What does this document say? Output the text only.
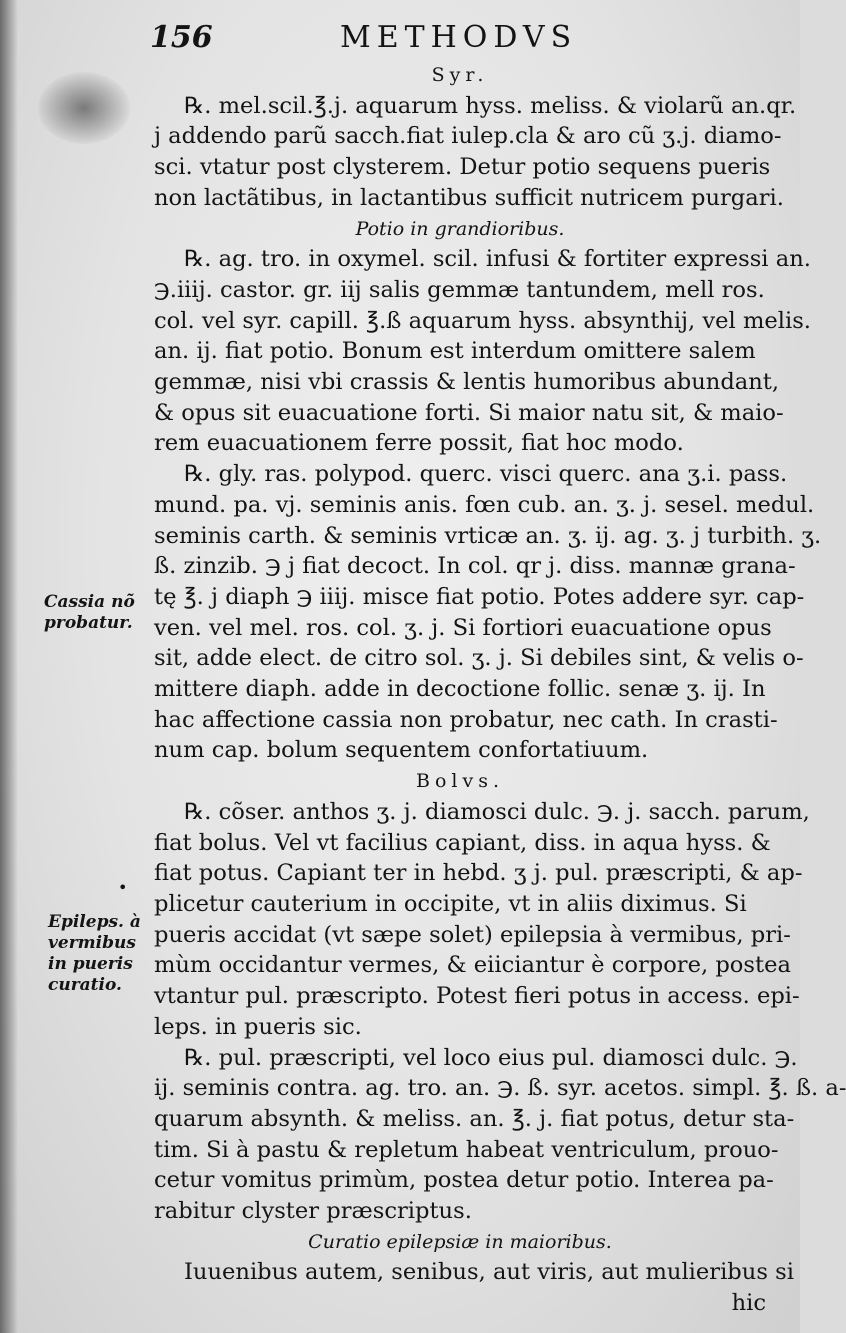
156	METHODVS
Syr.
℞. mel.scil.℥.j. aquarum hyss. meliss. & violarũ an.qr.
j addendo parũ sacch.fiat iulep.cla & aro cũ ʒ.j. diamo-
sci. vtatur post clysterem. Detur potio sequens pueris
non lactãtibus, in lactantibus sufficit nutricem purgari.
Potio in grandioribus.
℞. ag. tro. in oxymel. scil. infusi & fortiter expressi an.
℈.iiij. castor. gr. iij salis gemmæ tantundem, mell ros.
col. vel syr. capill. ℥.ß aquarum hyss. absynthij, vel melis.
an. ij. fiat potio. Bonum est interdum omittere salem
gemmæ, nisi vbi crassis & lentis humoribus abundant,
& opus sit euacuatione forti. Si maior natu sit, & maio-
rem euacuationem ferre possit, fiat hoc modo.
℞. gly. ras. polypod. querc. visci querc. ana ʒ.i. pass.
mund. pa. vj. seminis anis. fœn cub. an. ʒ. j. sesel. medul.
seminis carth. & seminis vrticæ an. ʒ. ij. ag. ʒ. j turbith. ʒ.
ß. zinzib. ℈ j fiat decoct. In col. qr j. diss. mannæ grana-
tę ℥. j diaph ℈ iiij. misce fiat potio. Potes addere syr. cap-
ven. vel mel. ros. col. ʒ. j. Si fortiori euacuatione opus
sit, adde elect. de citro sol. ʒ. j. Si debiles sint, & velis o-
mittere diaph. adde in decoctione follic. senæ ʒ. ij. In
hac affectione cassia non probatur, nec cath. In crasti-
num cap. bolum sequentem confortatiuum.
Bolvs.
℞. cõser. anthos ʒ. j. diamosci dulc. ℈. j. sacch. parum,
fiat bolus. Vel vt facilius capiant, diss. in aqua hyss. &
fiat potus. Capiant ter in hebd. ʒ j. pul. præscripti, & ap-
plicetur cauterium in occipite, vt in aliis diximus. Si
pueris accidat (vt sæpe solet) epilepsia à vermibus, pri-
mùm occidantur vermes, & eiiciantur è corpore, postea
vtantur pul. præscripto. Potest fieri potus in access. epi-
leps. in pueris sic.
℞. pul. præscripti, vel loco eius pul. diamosci dulc. ℈.
ij. seminis contra. ag. tro. an. ℈. ß. syr. acetos. simpl. ℥. ß. a-
quarum absynth. & meliss. an. ℥. j. fiat potus, detur sta-
tim. Si à pastu & repletum habeat ventriculum, prouo-
cetur vomitus primùm, postea detur potio. Interea pa-
rabitur clyster præscriptus.
Curatio epilepsiæ in maioribus.
Iuuenibus autem, senibus, aut viris, aut mulieribus si
hic
Cassia nõ
probatur.
•
Epileps. à
vermibus
in pueris
curatio.
